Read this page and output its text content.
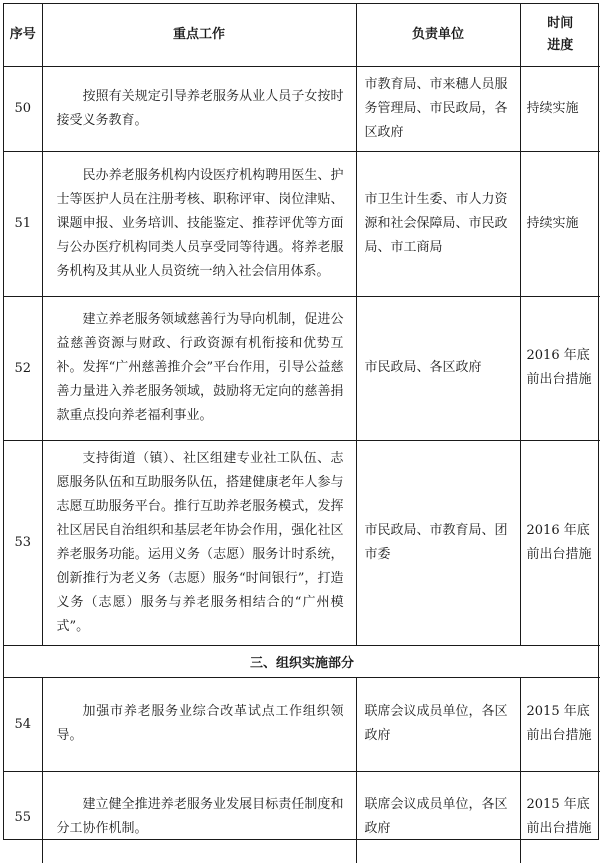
序号	重点工作	负责单位	时间
进度

50	按照有关规定引导养老服务从业人员子女按时接受义务教育。	市教育局、市来穗人员服务管理局、市民政局，各区政府	持续实施
51	民办养老服务机构内设医疗机构聘用医生、护士等医护人员在注册考核、职称评审、岗位津贴、课题申报、业务培训、技能鉴定、推荐评优等方面与公办医疗机构同类人员享受同等待遇。将养老服务机构及其从业人员资统一纳入社会信用体系。	市卫生计生委、市人力资源和社会保障局、市民政局、市工商局	持续实施
52	建立养老服务领域慈善行为导向机制，促进公益慈善资源与财政、行政资源有机衔接和优势互补。发挥“广州慈善推介会”平台作用，引导公益慈善力量进入养老服务领域，鼓励将无定向的慈善捐款重点投向养老福利事业。	市民政局、各区政府	2016 年底前出台措施
53	支持街道（镇）、社区组建专业社工队伍、志愿服务队伍和互助服务队伍，搭建健康老年人参与志愿互助服务平台。推行互助养老服务模式，发挥社区居民自治组织和基层老年协会作用，强化社区养老服务功能。运用义务（志愿）服务计时系统，创新推行为老义务（志愿）服务“时间银行”，打造义务（志愿）服务与养老服务相结合的“广州模式”。	市民政局、市教育局、团市委	2016 年底前出台措施
三、组织实施部分			
54	加强市养老服务业综合改革试点工作组织领导。	联席会议成员单位，各区政府	2015 年底前出台措施
55	建立健全推进养老服务业发展目标责任制度和分工协作机制。	联席会议成员单位，各区政府	2015 年底前出台措施
